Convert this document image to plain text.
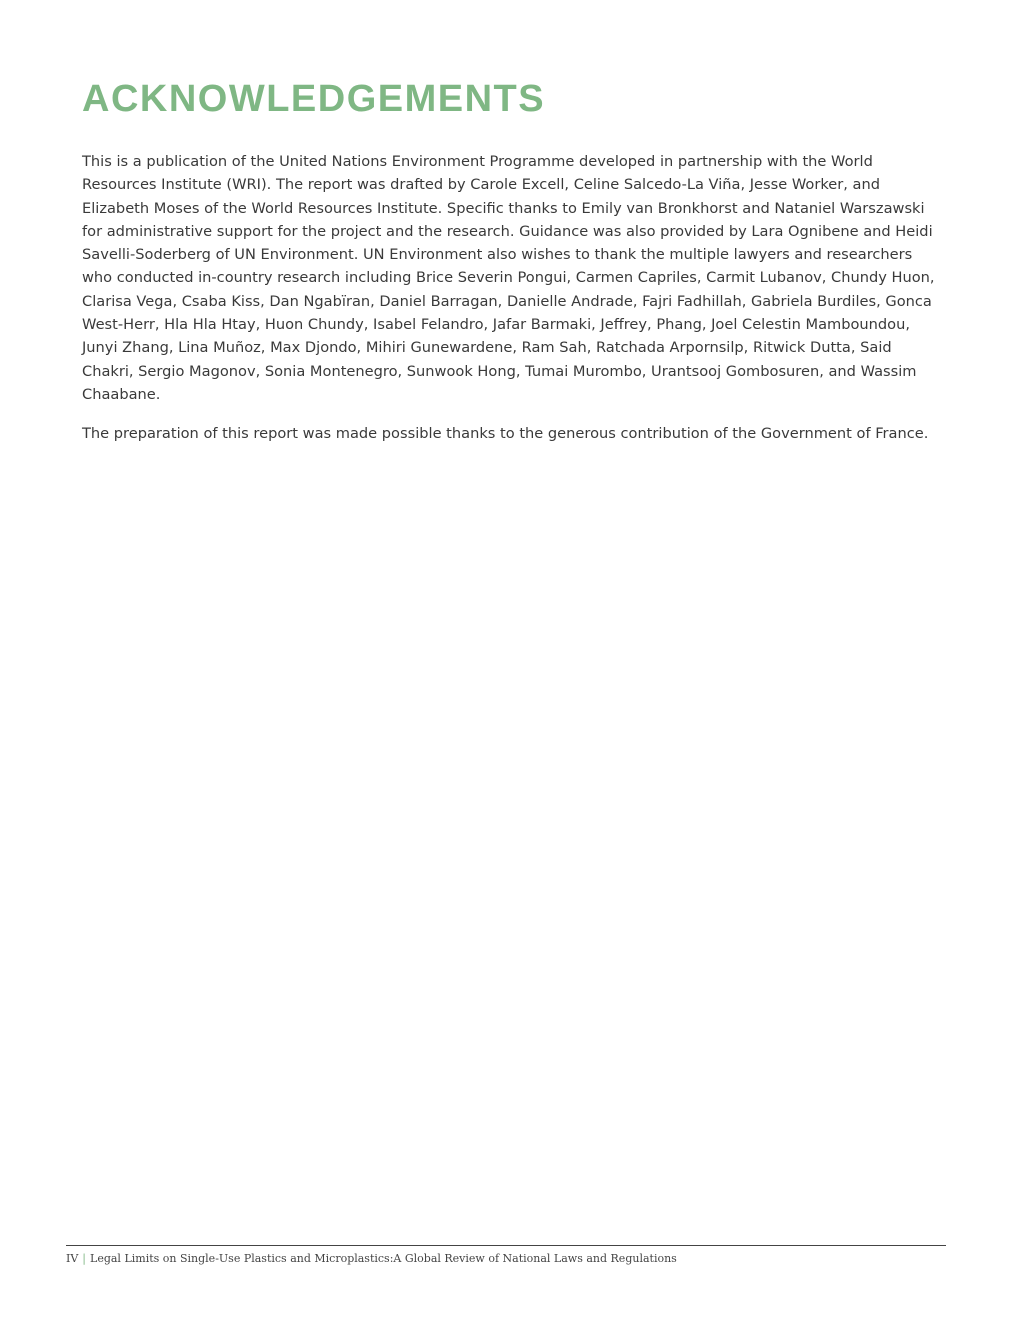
ACKNOWLEDGEMENTS

This is a publication of the United Nations Environment Programme developed in partnership with the World Resources Institute (WRI). The report was drafted by Carole Excell, Celine Salcedo-La Viña, Jesse Worker, and Elizabeth Moses of the World Resources Institute. Specific thanks to Emily van Bronkhorst and Nataniel Warszawski for administrative support for the project and the research. Guidance was also provided by Lara Ognibene and Heidi Savelli-Soderberg of UN Environment. UN Environment also wishes to thank the multiple lawyers and researchers who conducted in-country research including Brice Severin Pongui, Carmen Capriles, Carmit Lubanov, Chundy Huon, Clarisa Vega, Csaba Kiss, Dan Ngabïran, Daniel Barragan, Danielle Andrade, Fajri Fadhillah, Gabriela Burdiles, Gonca West-Herr, Hla Hla Htay, Huon Chundy, Isabel Felandro, Jafar Barmaki, Jeffrey, Phang, Joel Celestin Mamboundou, Junyi Zhang, Lina Muñoz, Max Djondo, Mihiri Gunewardene, Ram Sah, Ratchada Arpornsilp, Ritwick Dutta, Said Chakri, Sergio Magonov, Sonia Montenegro, Sunwook Hong, Tumai Murombo, Urantsooj Gombosuren, and Wassim Chaabane.

The preparation of this report was made possible thanks to the generous contribution of the Government of France.

IV | Legal Limits on Single-Use Plastics and Microplastics:A Global Review of National Laws and Regulations
